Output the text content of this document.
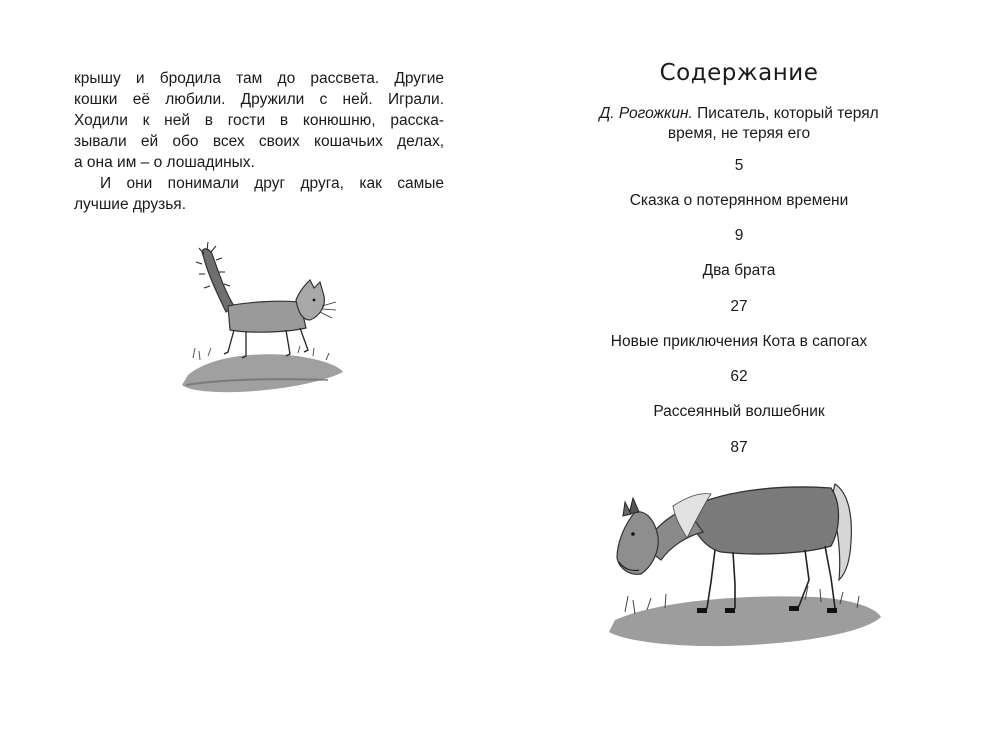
крышу и бродила там до рассвета. Другие
кошки её любили. Дружили с ней. Играли.
Ходили к ней в гости в конюшню, расска-
зывали ей обо всех своих кошачьих делах,
а она им – о лошадиных.
И они понимали друг друга, как самые
лучшие друзья.
Содержание
Д. Рогожкин. Писатель, который терял
время, не теряя его
5
Сказка о потерянном времени
9
Два брата
27
Новые приключения Кота в сапогах
62
Рассеянный волшебник
87
